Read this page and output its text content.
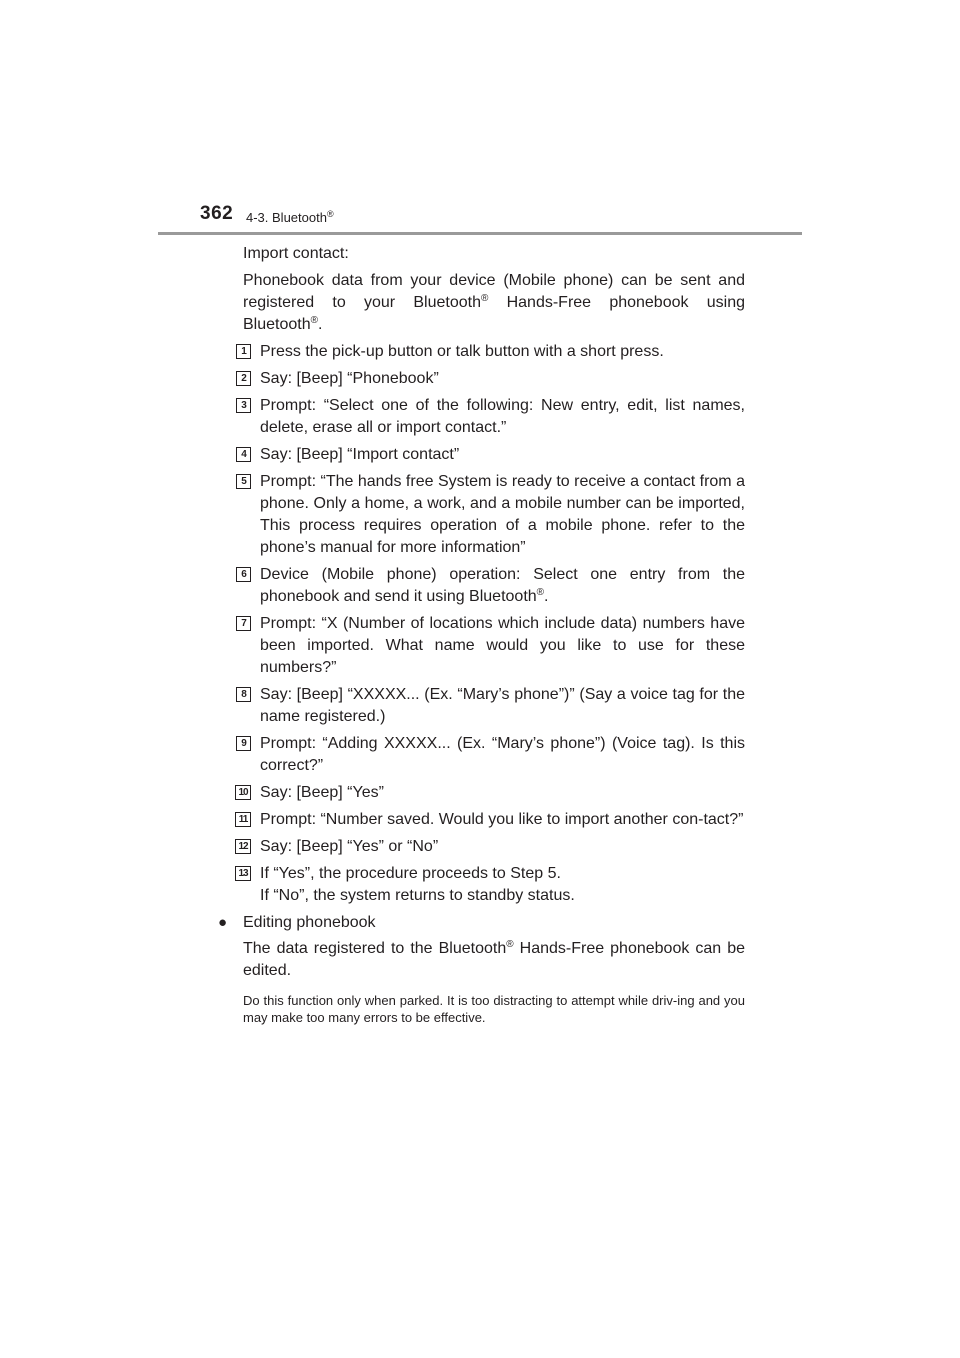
362 4-3. Bluetooth®

Import contact:

Phonebook data from your device (Mobile phone) can be sent and registered to your Bluetooth® Hands-Free phonebook using Bluetooth®.

1 Press the pick-up button or talk button with a short press.
2 Say: [Beep] “Phonebook”
3 Prompt: “Select one of the following: New entry, edit, list names, delete, erase all or import contact.”
4 Say: [Beep] “Import contact”
5 Prompt: “The hands free System is ready to receive a contact from a phone. Only a home, a work, and a mobile number can be imported, This process requires operation of a mobile phone. refer to the phone’s manual for more information”
6 Device (Mobile phone) operation: Select one entry from the phonebook and send it using Bluetooth®.
7 Prompt: “X (Number of locations which include data) numbers have been imported. What name would you like to use for these numbers?”
8 Say: [Beep] “XXXXX... (Ex. “Mary’s phone”)” (Say a voice tag for the name registered.)
9 Prompt: “Adding XXXXX... (Ex. “Mary’s phone”) (Voice tag). Is this correct?”
10 Say: [Beep] “Yes”
11 Prompt: “Number saved. Would you like to import another con-tact?”
12 Say: [Beep] “Yes” or “No”
13 If “Yes”, the procedure proceeds to Step 5.
If “No”, the system returns to standby status.

● Editing phonebook

The data registered to the Bluetooth® Hands-Free phonebook can be edited.

Do this function only when parked. It is too distracting to attempt while driv-ing and you may make too many errors to be effective.
